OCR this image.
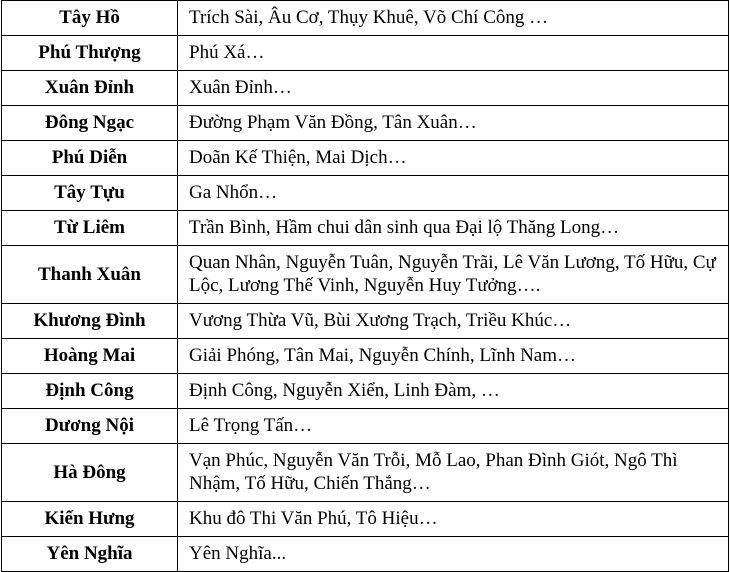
Tây Hồ	Trích Sài, Âu Cơ, Thụy Khuê, Võ Chí Công …
Phú Thượng	Phú Xá…
Xuân Đỉnh	Xuân Đỉnh…
Đông Ngạc	Đường Phạm Văn Đồng, Tân Xuân…
Phú Diễn	Doãn Kế Thiện, Mai Dịch…
Tây Tựu	Ga Nhổn…
Từ Liêm	Trần Bình, Hầm chui dân sinh qua Đại lộ Thăng Long…
Thanh Xuân	Quan Nhân, Nguyễn Tuân, Nguyễn Trãi, Lê Văn Lương, Tố Hữu, Cự Lộc, Lương Thế Vinh, Nguyễn Huy Tưởng….
Khương Đình	Vương Thừa Vũ, Bùi Xương Trạch, Triều Khúc…
Hoàng Mai	Giải Phóng, Tân Mai, Nguyễn Chính, Lĩnh Nam…
Định Công	Định Công, Nguyễn Xiển, Linh Đàm, …
Dương Nội	Lê Trọng Tấn…
Hà Đông	Vạn Phúc, Nguyễn Văn Trỗi, Mỗ Lao, Phan Đình Giót, Ngô Thì Nhậm, Tố Hữu, Chiến Thắng…
Kiến Hưng	Khu đô Thi Văn Phú, Tô Hiệu…
Yên Nghĩa	Yên Nghĩa...
